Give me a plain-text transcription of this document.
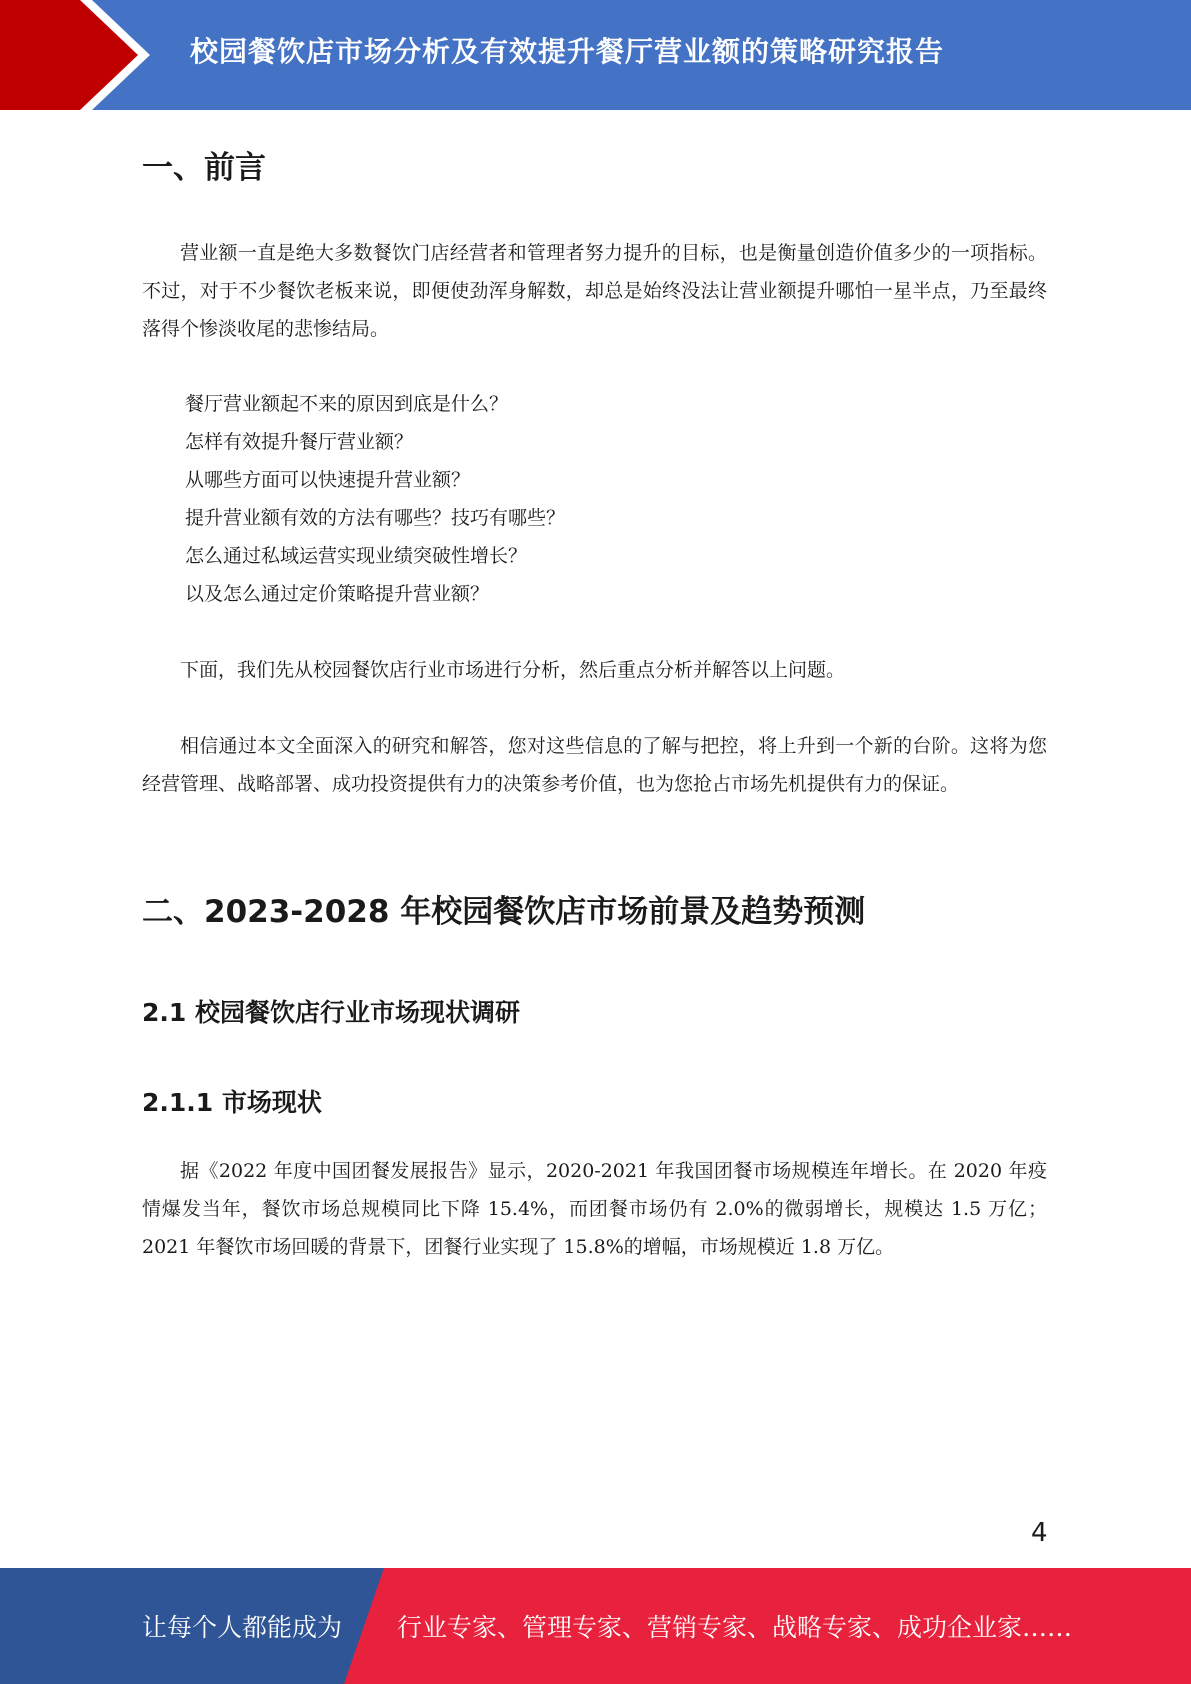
校园餐饮店市场分析及有效提升餐厅营业额的策略研究报告
一、前言

营业额一直是绝大多数餐饮门店经营者和管理者努力提升的目标，也是衡量创造价值多少的一项指标。不过，对于不少餐饮老板来说，即便使劲浑身解数，却总是始终没法让营业额提升哪怕一星半点，乃至最终落得个惨淡收尾的悲惨结局。

餐厅营业额起不来的原因到底是什么？
怎样有效提升餐厅营业额？
从哪些方面可以快速提升营业额？
提升营业额有效的方法有哪些？技巧有哪些？
怎么通过私域运营实现业绩突破性增长？
以及怎么通过定价策略提升营业额？

下面，我们先从校园餐饮店行业市场进行分析，然后重点分析并解答以上问题。

相信通过本文全面深入的研究和解答，您对这些信息的了解与把控，将上升到一个新的台阶。这将为您经营管理、战略部署、成功投资提供有力的决策参考价值，也为您抢占市场先机提供有力的保证。

二、2023-2028 年校园餐饮店市场前景及趋势预测
2.1 校园餐饮店行业市场现状调研
2.1.1 市场现状

据《2022 年度中国团餐发展报告》显示，2020-2021 年我国团餐市场规模连年增长。在 2020 年疫情爆发当年，餐饮市场总规模同比下降 15.4%，而团餐市场仍有 2.0%的微弱增长，规模达 1.5 万亿；2021 年餐饮市场回暖的背景下，团餐行业实现了 15.8%的增幅，市场规模近 1.8 万亿。

4
让每个人都能成为 行业专家、管理专家、营销专家、战略专家、成功企业家……
